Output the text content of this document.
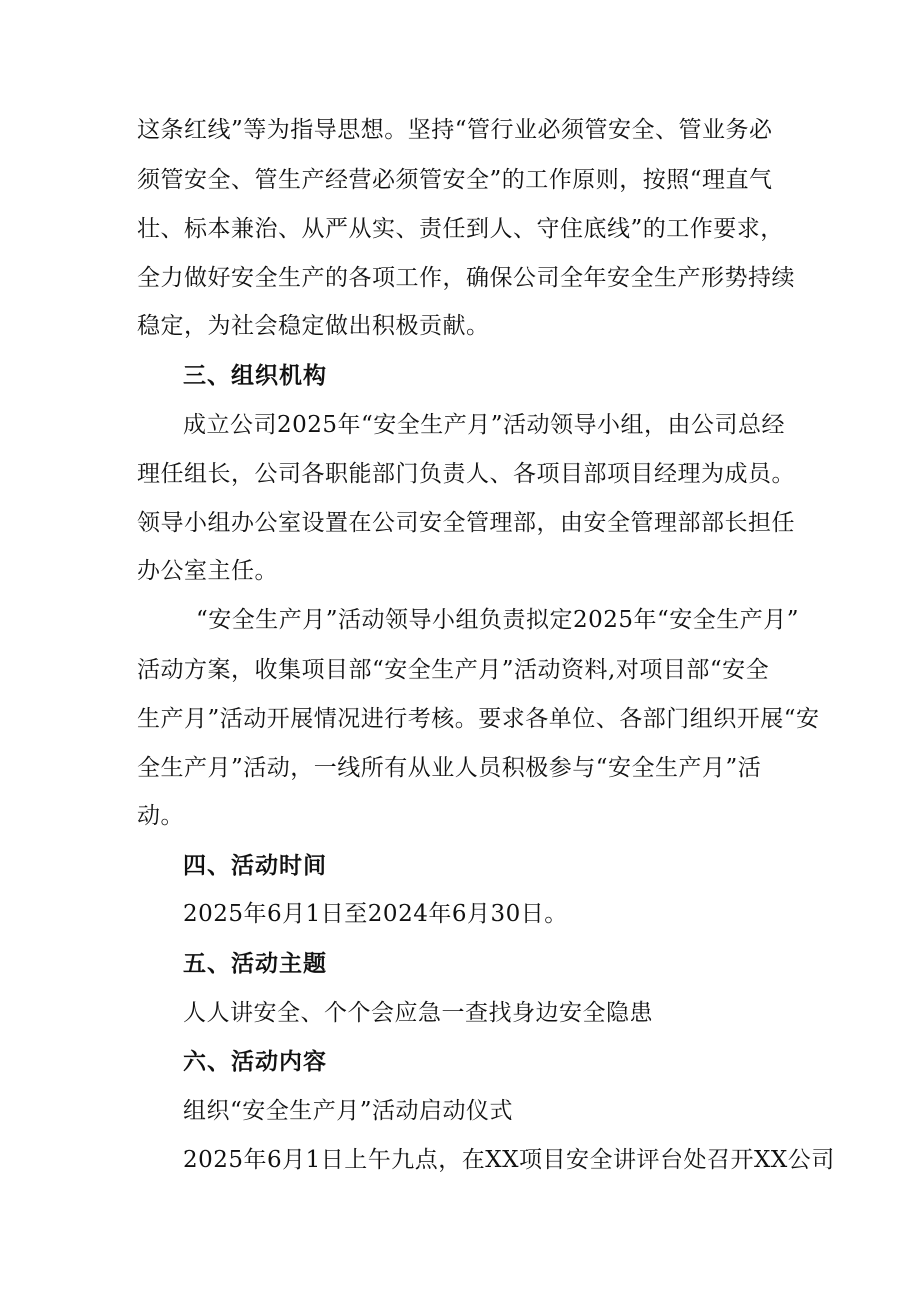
这条红线”等为指导思想。坚持“管行业必须管安全、管业务必
须管安全、管生产经营必须管安全”的工作原则，按照“理直气
壮、标本兼治、从严从实、责任到人、守住底线”的工作要求，
全力做好安全生产的各项工作，确保公司全年安全生产形势持续
稳定，为社会稳定做出积极贡献。
三、组织机构
成立公司2025年“安全生产月”活动领导小组，由公司总经
理任组长，公司各职能部门负责人、各项目部项目经理为成员。
领导小组办公室设置在公司安全管理部，由安全管理部部长担任
办公室主任。
“安全生产月”活动领导小组负责拟定2025年“安全生产月”
活动方案，收集项目部“安全生产月”活动资料,对项目部“安全
生产月”活动开展情况进行考核。要求各单位、各部门组织开展“安
全生产月”活动，一线所有从业人员积极参与“安全生产月”活
动。
四、活动时间
2025年6月1日至2024年6月30日。
五、活动主题
人人讲安全、个个会应急一查找身边安全隐患
六、活动内容
组织“安全生产月”活动启动仪式
2025年6月1日上午九点，在XX项目安全讲评台处召开XX公司
